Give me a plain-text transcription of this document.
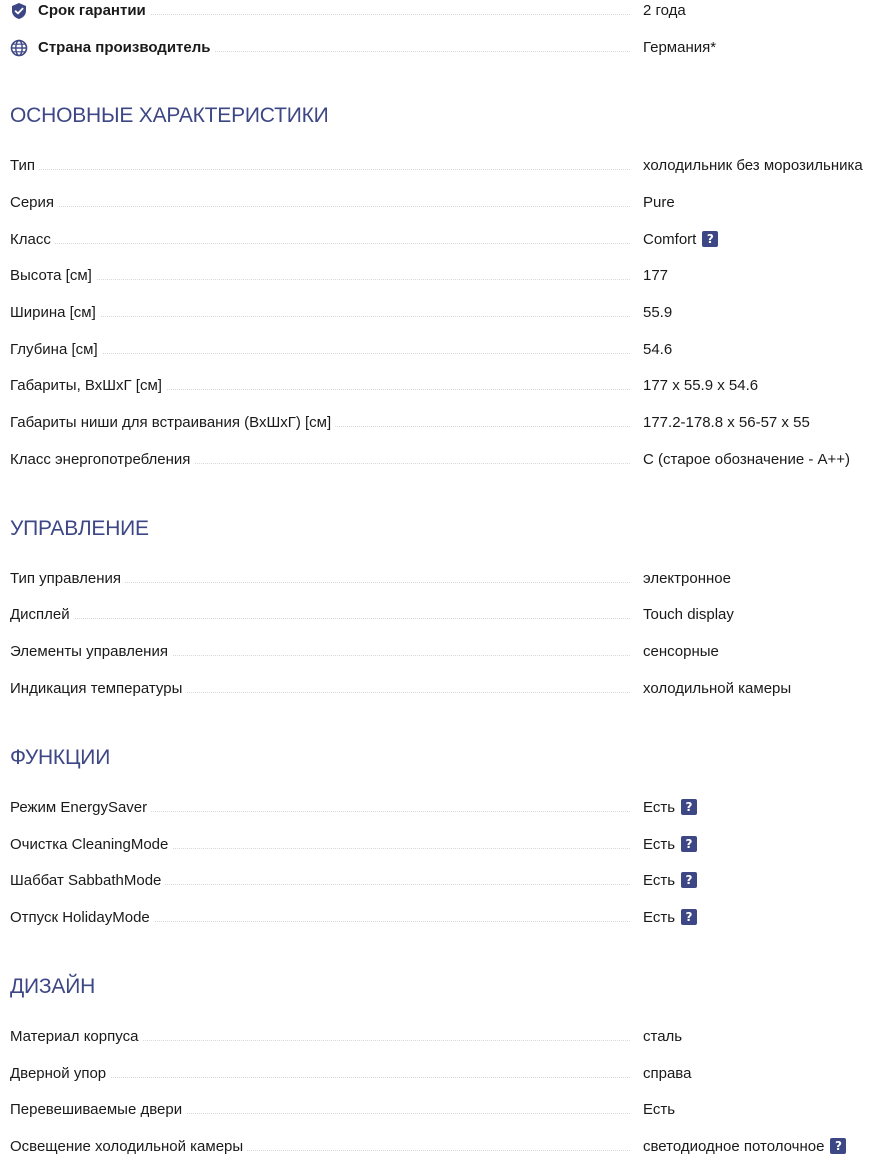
Срок гарантии	2 года
Страна производитель	Германия*
ОСНОВНЫЕ ХАРАКТЕРИСТИКИ
Тип	холодильник без морозильника
Серия	Pure
Класс	Comfort ?
Высота [см]	177
Ширина [см]	55.9
Глубина [см]	54.6
Габариты, ВхШхГ [см]	177 x 55.9 x 54.6
Габариты ниши для встраивания (ВхШхГ) [см]	177.2-178.8 x 56-57 x 55
Класс энергопотребления	C (старое обозначение - A++)
УПРАВЛЕНИЕ
Тип управления	электронное
Дисплей	Touch display
Элементы управления	сенсорные
Индикация температуры	холодильной камеры
ФУНКЦИИ
Режим EnergySaver	Есть ?
Очистка CleaningMode	Есть ?
Шаббат SabbathMode	Есть ?
Отпуск HolidayMode	Есть ?
ДИЗАЙН
Материал корпуса	сталь
Дверной упор	справа
Перевешиваемые двери	Есть
Освещение холодильной камеры	светодиодное потолочное ?
